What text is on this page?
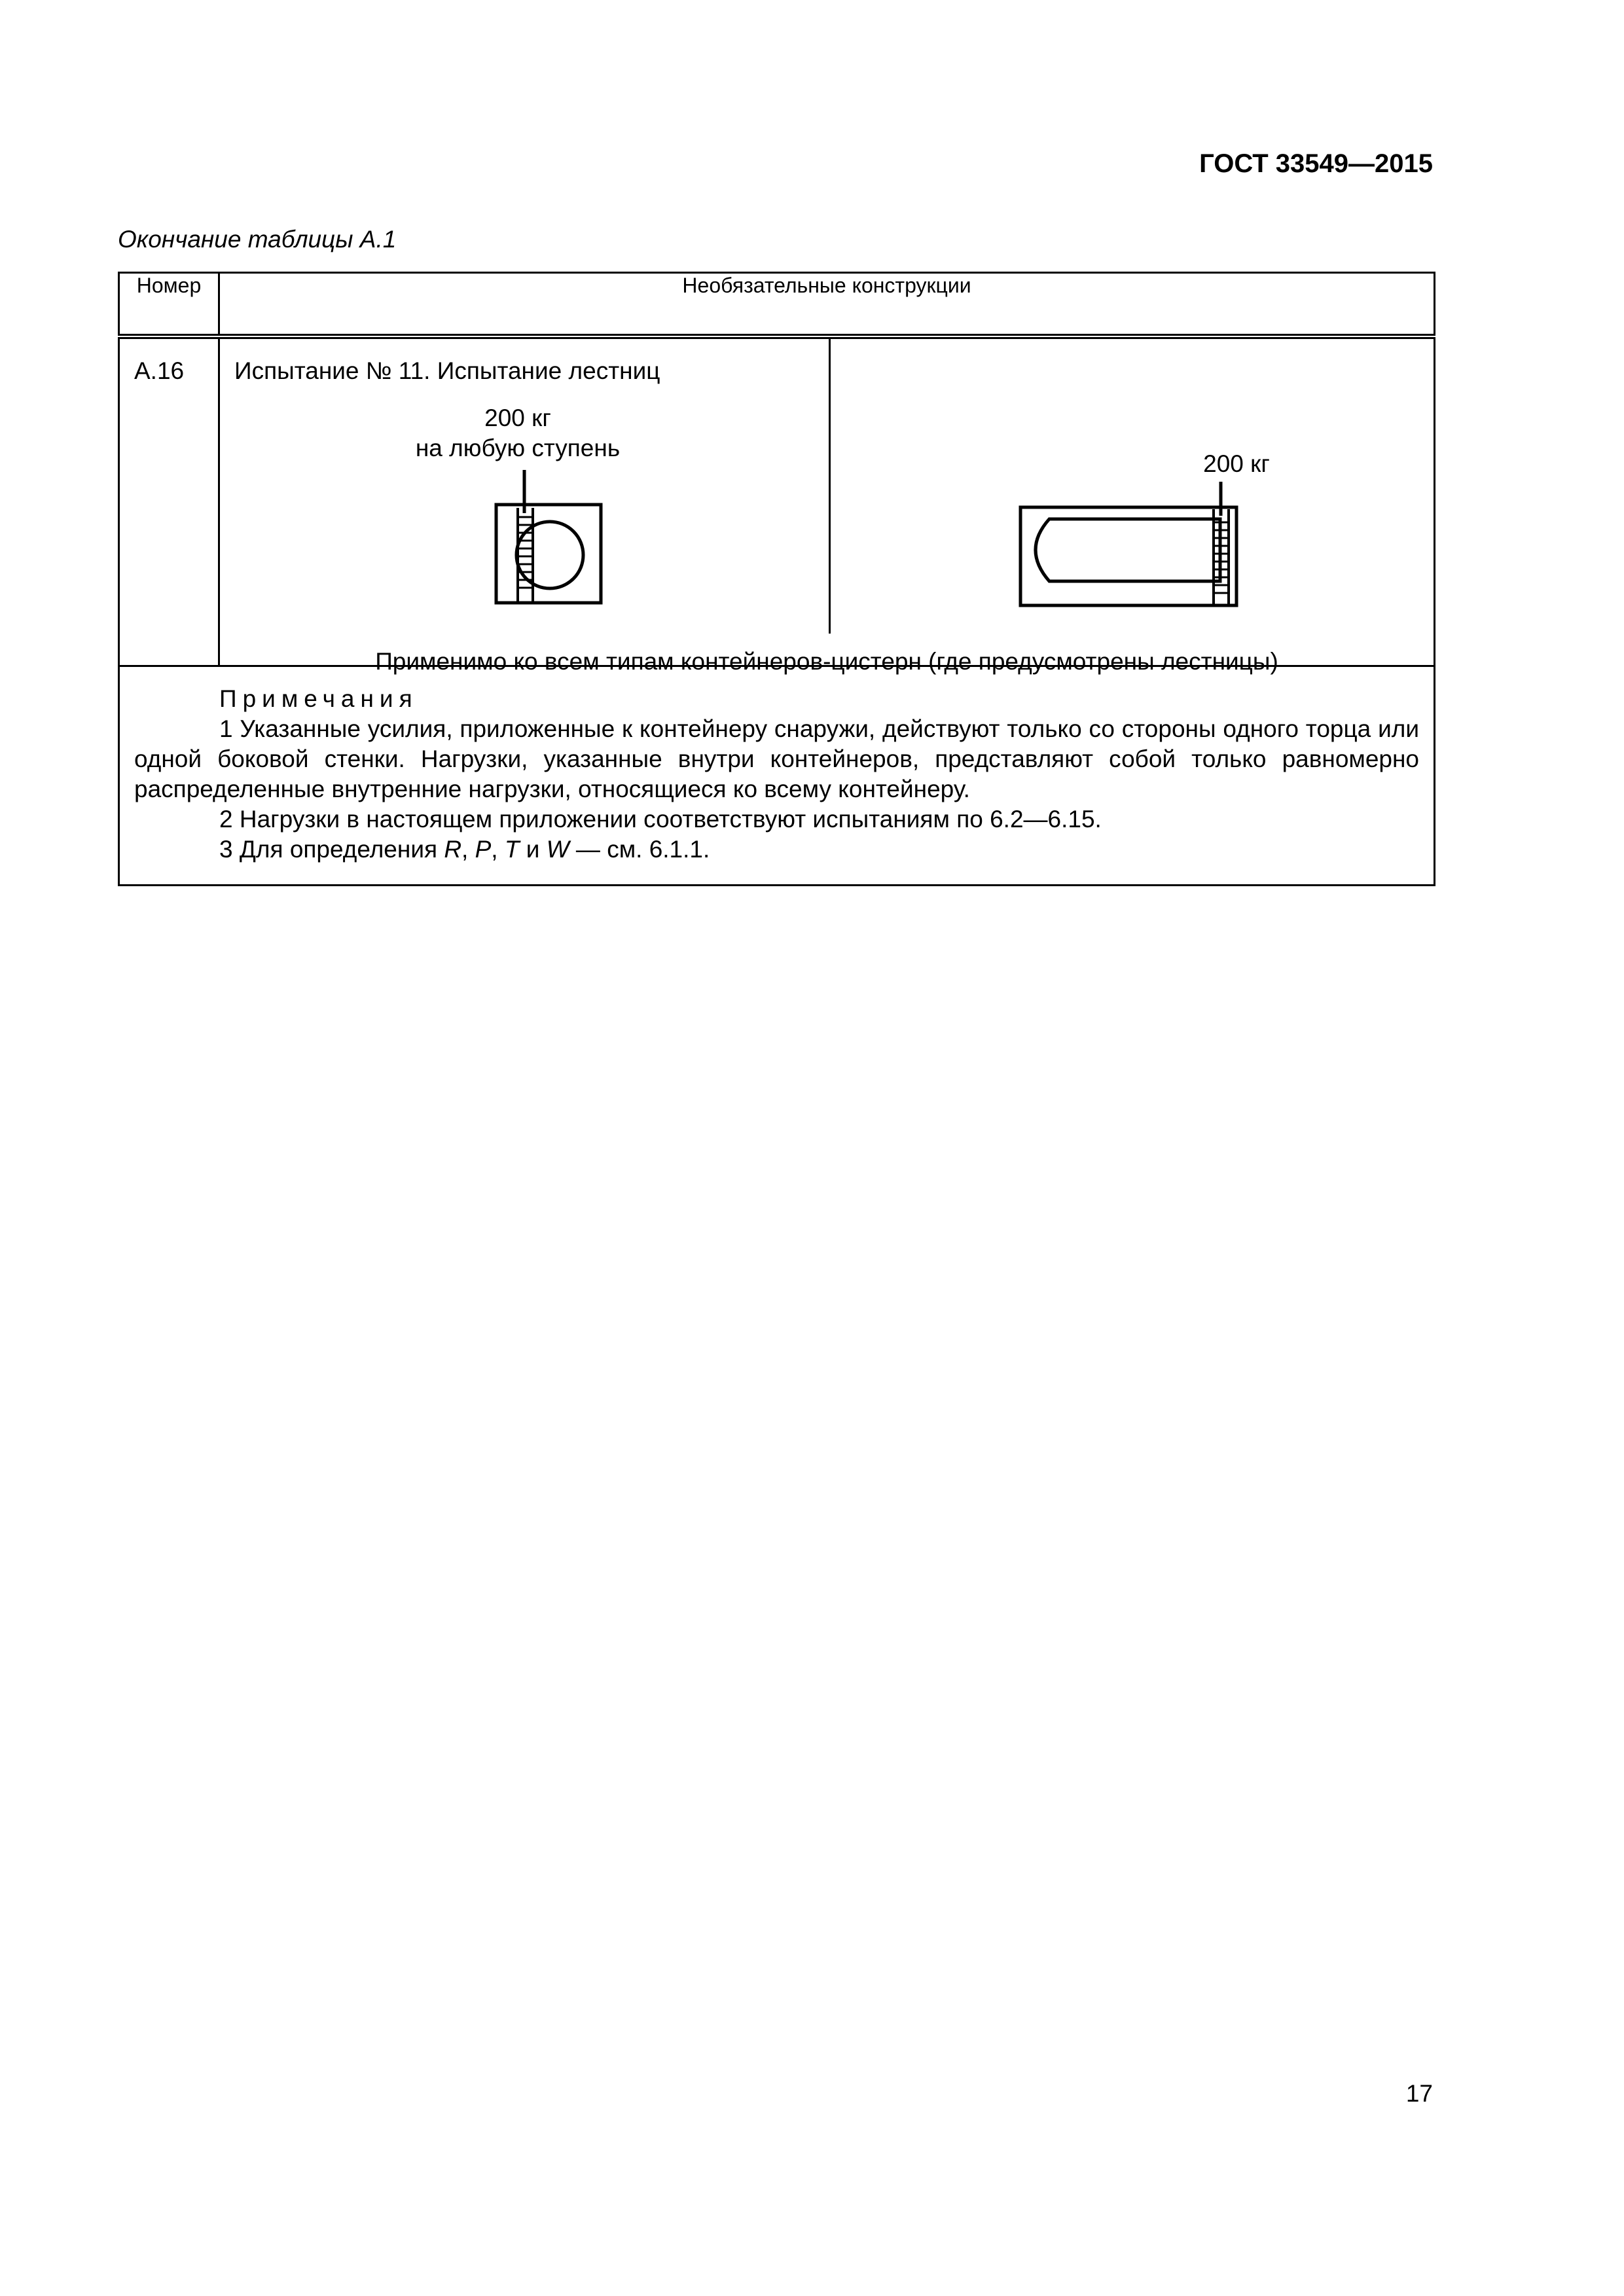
ГОСТ 33549—2015
Окончание таблицы А.1
Номер	Необязательные конструкции
А.16	Испытание № 11. Испытание лестниц
200 кг
на любую ступень
200 кг
Применимо ко всем типам контейнеров-цистерн (где предусмотрены лестницы)

Примечания
1 Указанные усилия, приложенные к контейнеру снаружи, действуют только со стороны одного торца или одной боковой стенки. Нагрузки, указанные внутри контейнеров, представляют собой только равномерно распределенные внутренние нагрузки, относящиеся ко всему контейнеру.
2 Нагрузки в настоящем приложении соответствуют испытаниям по 6.2—6.15.
3 Для определения R, P, T и W — см. 6.1.1.	
17
